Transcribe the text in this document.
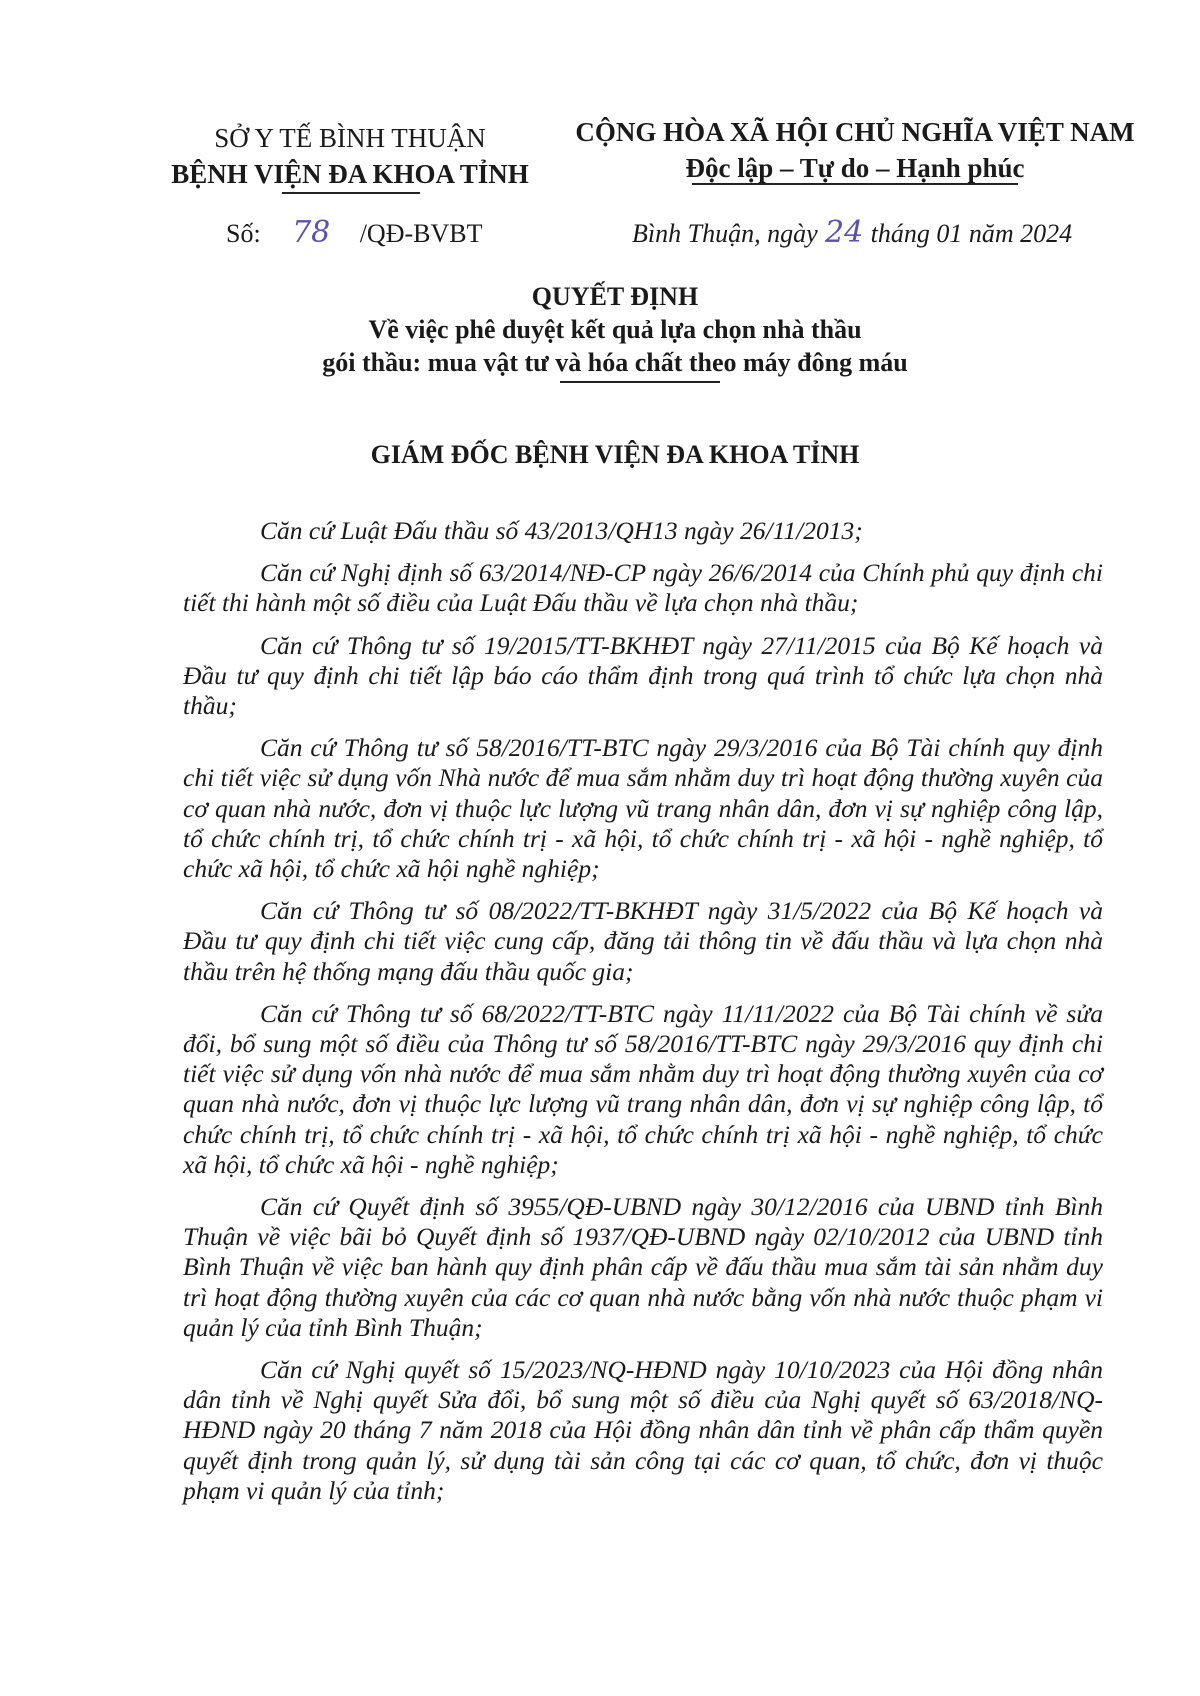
SỞ Y TẾ BÌNH THUẬN
BỆNH VIỆN ĐA KHOA TỈNH
CỘNG HÒA XÃ HỘI CHỦ NGHĨA VIỆT NAM
Độc lập – Tự do – Hạnh phúc
Số: 78 /QĐ-BVBT	Bình Thuận, ngày 24 tháng 01 năm 2024
QUYẾT ĐỊNH
Về việc phê duyệt kết quả lựa chọn nhà thầu
gói thầu: mua vật tư và hóa chất theo máy đông máu
GIÁM ĐỐC BỆNH VIỆN ĐA KHOA TỈNH

Căn cứ Luật Đấu thầu số 43/2013/QH13 ngày 26/11/2013;

Căn cứ Nghị định số 63/2014/NĐ-CP ngày 26/6/2014 của Chính phủ quy định chi tiết thi hành một số điều của Luật Đấu thầu về lựa chọn nhà thầu;

Căn cứ Thông tư số 19/2015/TT-BKHĐT ngày 27/11/2015 của Bộ Kế hoạch và Đầu tư quy định chi tiết lập báo cáo thẩm định trong quá trình tổ chức lựa chọn nhà thầu;

Căn cứ Thông tư số 58/2016/TT-BTC ngày 29/3/2016 của Bộ Tài chính quy định chi tiết việc sử dụng vốn Nhà nước để mua sắm nhằm duy trì hoạt động thường xuyên của cơ quan nhà nước, đơn vị thuộc lực lượng vũ trang nhân dân, đơn vị sự nghiệp công lập, tổ chức chính trị, tổ chức chính trị - xã hội, tổ chức chính trị - xã hội - nghề nghiệp, tổ chức xã hội, tổ chức xã hội nghề nghiệp;

Căn cứ Thông tư số 08/2022/TT-BKHĐT ngày 31/5/2022 của Bộ Kế hoạch và Đầu tư quy định chi tiết việc cung cấp, đăng tải thông tin về đấu thầu và lựa chọn nhà thầu trên hệ thống mạng đấu thầu quốc gia;

Căn cứ Thông tư số 68/2022/TT-BTC ngày 11/11/2022 của Bộ Tài chính về sửa đổi, bổ sung một số điều của Thông tư số 58/2016/TT-BTC ngày 29/3/2016 quy định chi tiết việc sử dụng vốn nhà nước để mua sắm nhằm duy trì hoạt động thường xuyên của cơ quan nhà nước, đơn vị thuộc lực lượng vũ trang nhân dân, đơn vị sự nghiệp công lập, tổ chức chính trị, tổ chức chính trị - xã hội, tổ chức chính trị xã hội - nghề nghiệp, tổ chức xã hội, tổ chức xã hội - nghề nghiệp;

Căn cứ Quyết định số 3955/QĐ-UBND ngày 30/12/2016 của UBND tỉnh Bình Thuận về việc bãi bỏ Quyết định số 1937/QĐ-UBND ngày 02/10/2012 của UBND tỉnh Bình Thuận về việc ban hành quy định phân cấp về đấu thầu mua sắm tài sản nhằm duy trì hoạt động thường xuyên của các cơ quan nhà nước bằng vốn nhà nước thuộc phạm vi quản lý của tỉnh Bình Thuận;

Căn cứ Nghị quyết số 15/2023/NQ-HĐND ngày 10/10/2023 của Hội đồng nhân dân tỉnh về Nghị quyết Sửa đổi, bổ sung một số điều của Nghị quyết số 63/2018/NQ-HĐND ngày 20 tháng 7 năm 2018 của Hội đồng nhân dân tỉnh về phân cấp thẩm quyền quyết định trong quản lý, sử dụng tài sản công tại các cơ quan, tổ chức, đơn vị thuộc phạm vi quản lý của tỉnh;
